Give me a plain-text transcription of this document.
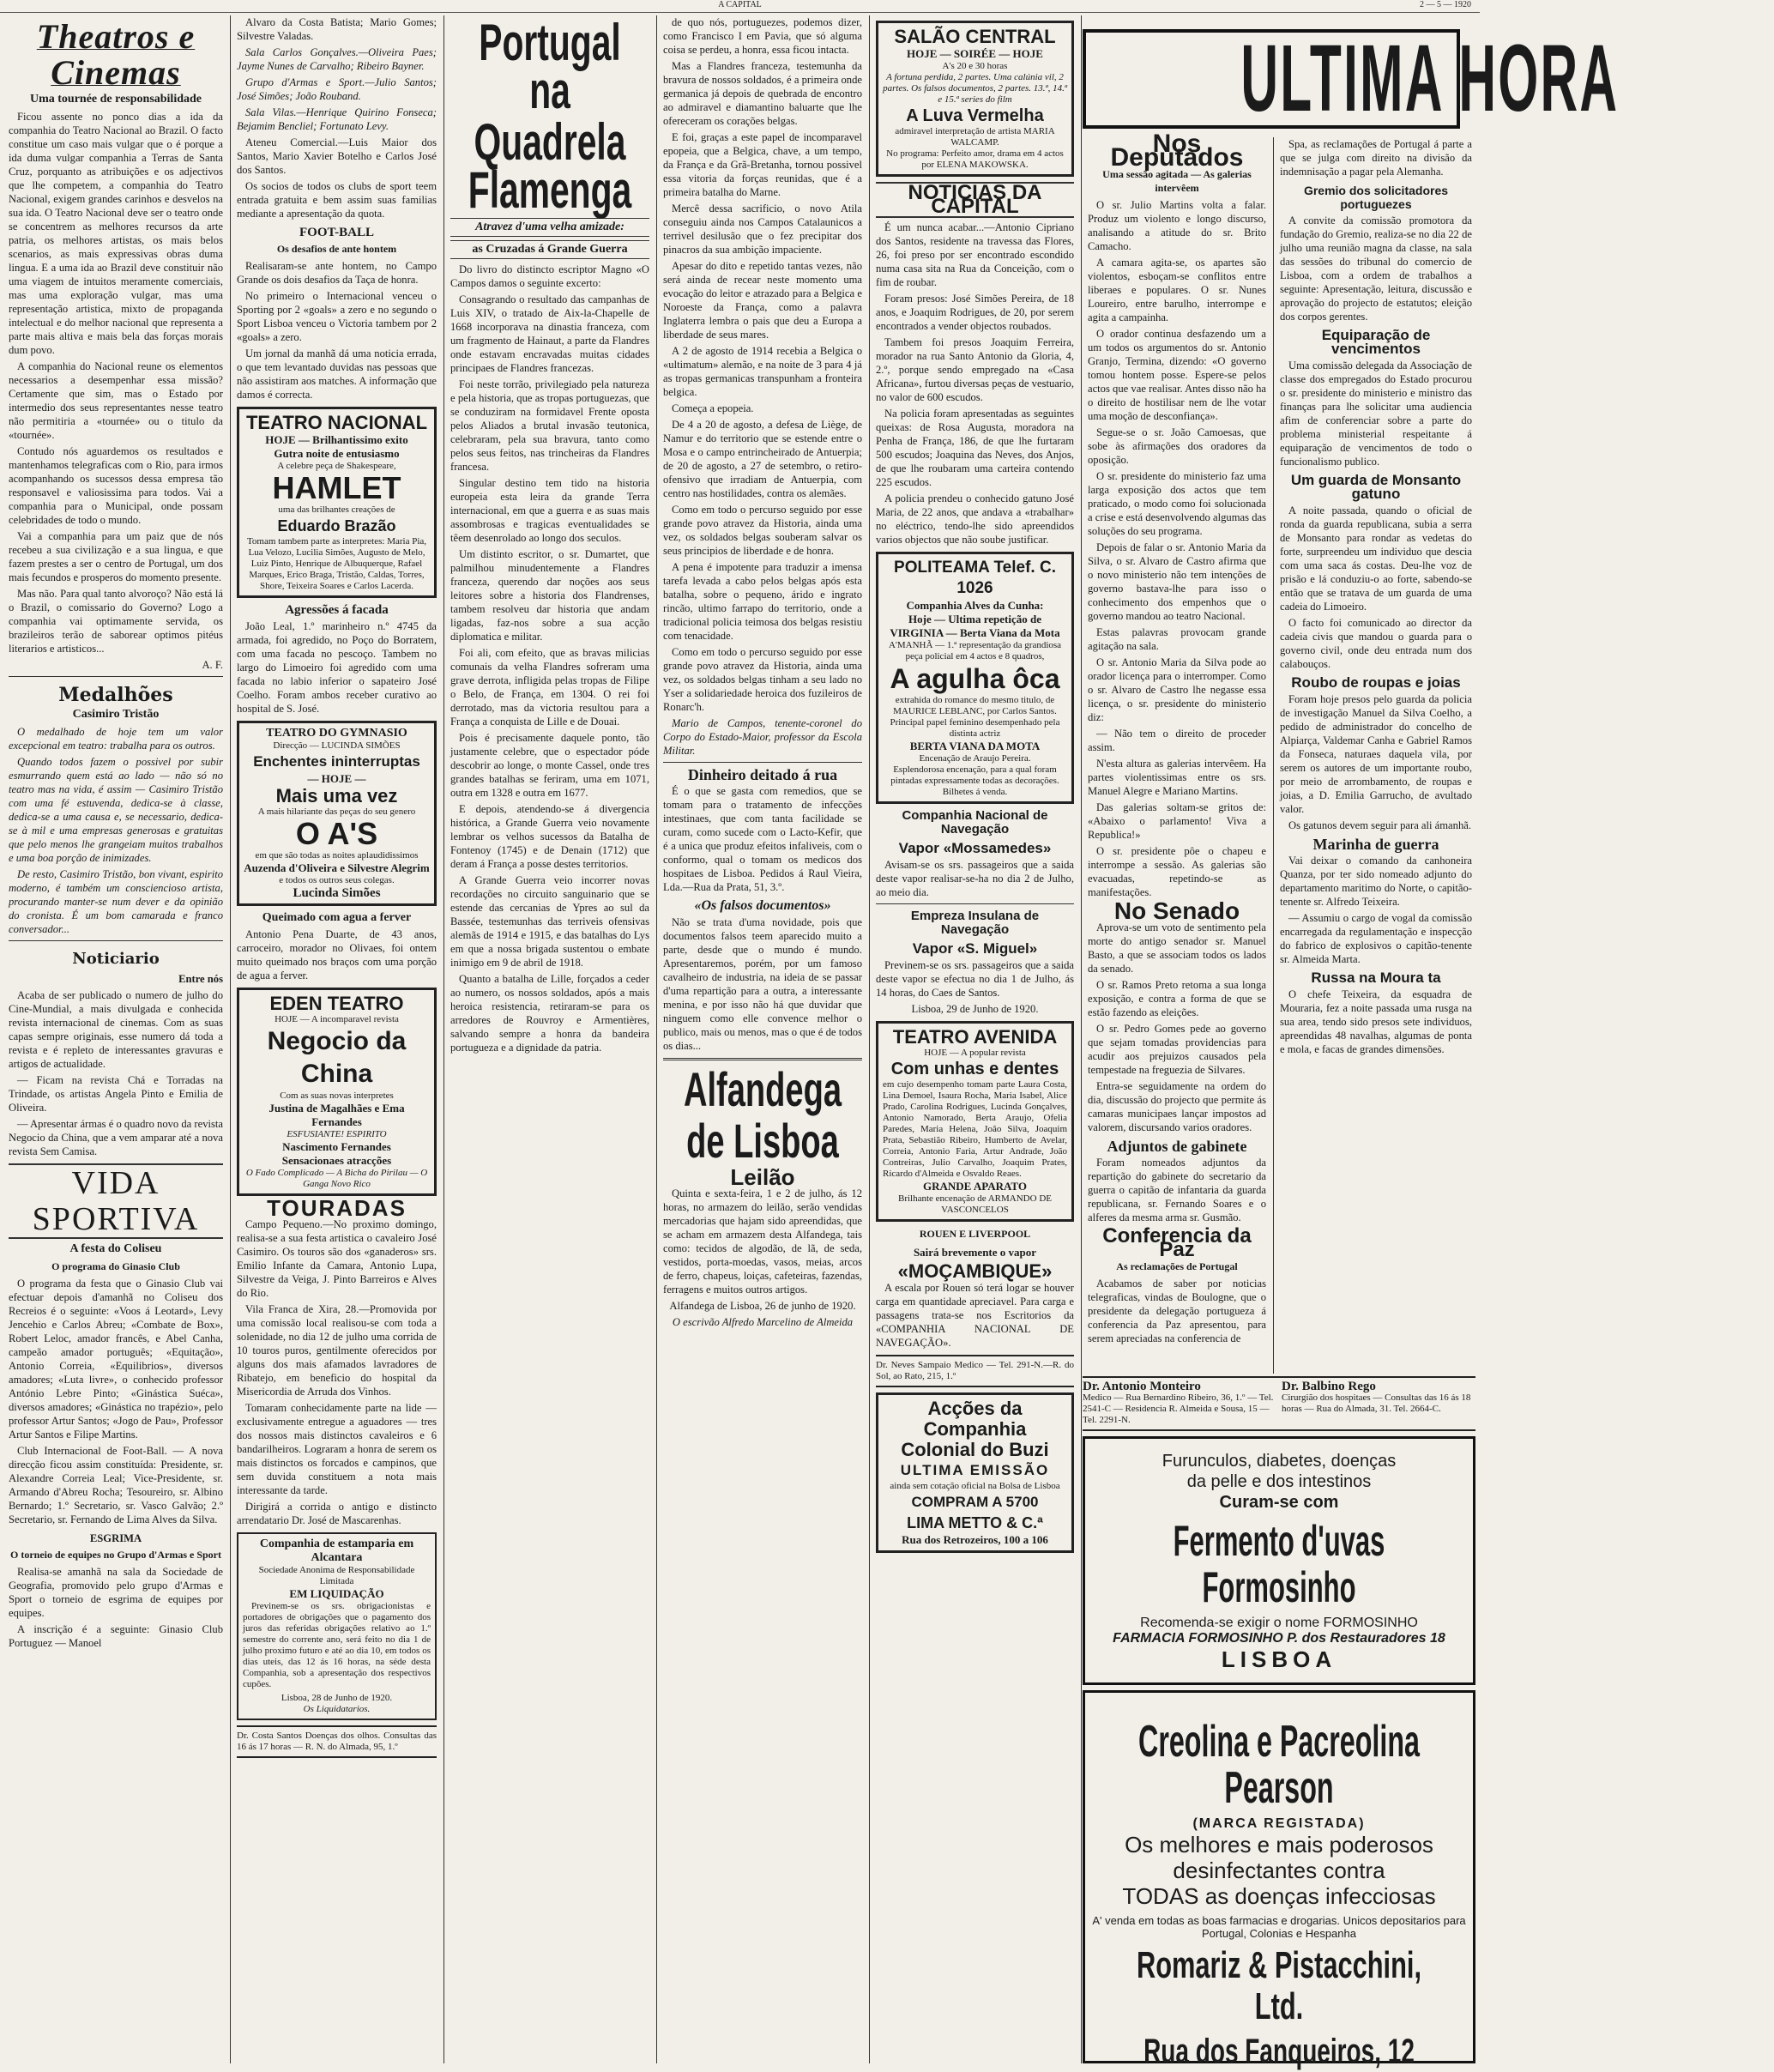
A CAPITAL	2 — 5 — 1920
Theatros e Cinemas
Uma tournée de responsabilidade

Ficou assente no ponco dias a ida da companhia do Teatro Nacional ao Brazil. O facto constitue um caso mais vulgar que o é porque a ida duma vulgar companhia a Terras de Santa Cruz, porquanto as atribuições e os adjectivos que lhe competem, a companhia do Teatro Nacional, exigem grandes carinhos e desvelos na sua ida. O Teatro Nacional deve ser o teatro onde se concentrem as melhores recursos da arte patria, os melhores artistas, os mais belos scenarios, as mais expressivas obras duma lingua. E a uma ida ao Brazil deve constituir não uma viagem de intuitos meramente comerciais, mas uma exploração vulgar, mas uma representação artistica, mixto de propaganda intelectual e do melhor nacional que representa a parte mais altiva e mais bela das forças morais dum povo.

A companhia do Nacional reune os elementos necessarios a desempenhar essa missão? Certamente que sim, mas o Estado por intermedio dos seus representantes nesse teatro não permitiria a «tournée» ou o titulo da «tournée».

Contudo nós aguardemos os resultados e mantenhamos telegraficas com o Rio, para irmos acompanhando os sucessos dessa empresa tão responsavel e valiosissima para todos. Vai a companhia para o Municipal, onde possam celebridades de todo o mundo.

Vai a companhia para um paiz que de nós recebeu a sua civilização e a sua lingua, e que fazem prestes a ser o centro de Portugal, um dos mais fecundos e prosperos do momento presente.

Mas não. Para qual tanto alvoroço? Não está lá o Brazil, o comissario do Governo? Logo a companhia vai optimamente servida, os brazileiros terão de saborear optimos pitéus literarios e artisticos...

A. F.

Medalhões
Casimiro Tristão

O medalhado de hoje tem um valor excepcional em teatro: trabalha para os outros.

Quando todos fazem o possivel por subir esmurrando quem está ao lado — não só no teatro mas na vida, é assim — Casimiro Tristão com uma fé estuvenda, dedica-se à classe, dedica-se a uma causa e, se necessario, dedica-se à mil e uma empresas generosas e gratuitas que pelo menos lhe grangeiam muitos trabalhos e uma boa porção de inimizades.

De resto, Casimiro Tristão, bon vivant, espirito moderno, é também um consciencioso artista, procurando manter-se num dever e da opinião do cronista. É um bom camarada e franco conversador...

Noticiario

Entre nós

Acaba de ser publicado o numero de julho do Cine-Mundial, a mais divulgada e conhecida revista internacional de cinemas. Com as suas capas sempre originais, esse numero dá toda a revista e é repleto de interessantes gravuras e artigos de actualidade.

— Ficam na revista Chá e Torradas na Trindade, os artistas Angela Pinto e Emilia de Oliveira.

— Apresentar ármas é o quadro novo da revista Negocio da China, que a vem amparar até a nova revista Sem Camisa.

VIDA SPORTIVA
A festa do Coliseu
O programa do Ginasio Club

O programa da festa que o Ginasio Club vai efectuar depois d'amanhã no Coliseu dos Recreios é o seguinte: «Voos á Leotard», Levy Jencehio e Carlos Abreu; «Combate de Box», Robert Leloc, amador francês, e Abel Canha, campeão amador português; «Equitação», Antonio Correia, «Equilibrios», diversos amadores; «Luta livre», o conhecido professor António Lebre Pinto; «Ginástica Suéca», diversos amadores; «Ginástica no trapézio», pelo professor Artur Santos; «Jogo de Pau», Professor Artur Santos e Filipe Martins.

Club Internacional de Foot-Ball. — A nova direcção ficou assim constituída: Presidente, sr. Alexandre Correia Leal; Vice-Presidente, sr. Armando d'Abreu Rocha; Tesoureiro, sr. Albino Bernardo; 1.º Secretario, sr. Vasco Galvão; 2.º Secretario, sr. Fernando de Lima Alves da Silva.

ESGRIMA
O torneio de equipes no Grupo d'Armas e Sport

Realisa-se amanhã na sala da Sociedade de Geografia, promovido pelo grupo d'Armas e Sport o torneio de esgrima de equipes por equipes.

A inscrição é a seguinte: Ginasio Club Portuguez — Manoel

Alvaro da Costa Batista; Mario Gomes; Silvestre Valadas.

Sala Carlos Gonçalves.—Oliveira Paes; Jayme Nunes de Carvalho; Ribeiro Bayner.

Grupo d'Armas e Sport.—Julio Santos; José Simões; João Rouband.

Sala Vilas.—Henrique Quirino Fonseca; Bejamim Bencliel; Fortunato Levy.

Ateneu Comercial.—Luis Maior dos Santos, Mario Xavier Botelho e Carlos José dos Santos.

Os socios de todos os clubs de sport teem entrada gratuita e bem assim suas familias mediante a apresentação da quota.

FOOT-BALL
Os desafios de ante hontem

Realisaram-se ante hontem, no Campo Grande os dois desafios da Taça de honra.

No primeiro o Internacional venceu o Sporting por 2 «goals» a zero e no segundo o Sport Lisboa venceu o Victoria tambem por 2 «goals» a zero.

Um jornal da manhã dá uma noticia errada, o que tem levantado duvidas nas pessoas que não assistiram aos matches. A informação que damos é correcta.

TEATRO NACIONAL
HOJE — Brilhantissimo exito
Gutra noite de entusiasmo
A celebre peça de Shakespeare,
HAMLET
uma das brilhantes creações de
Eduardo Brazão
Tomam tambem parte as interpretes: Maria Pia, Lua Velozo, Lucilia Simões, Augusto de Melo, Luiz Pinto, Henrique de Albuquerque, Rafael Marques, Erico Braga, Tristão, Caldas, Torres, Shore, Teixeira Soares e Carlos Lacerda.
Agressões á facada

João Leal, 1.º marinheiro n.º 4745 da armada, foi agredido, no Poço do Borratem, com uma facada no pescoço. Tambem no largo do Limoeiro foi agredido com uma facada no labio inferior o sapateiro José Coelho. Foram ambos receber curativo ao hospital de S. José.

TEATRO DO GYMNASIO
Direcção — LUCINDA SIMÕES
Enchentes ininterruptas
— HOJE —
Mais uma vez
A mais hilariante das peças do seu genero
O A'S
em que são todas as noites aplaudidissimos
Auzenda d'Oliveira e Silvestre Alegrim
e todos os outros seus colegas.
Lucinda Simões
Queimado com agua a ferver

Antonio Pena Duarte, de 43 anos, carroceiro, morador no Olivaes, foi ontem muito queimado nos braços com uma porção de agua a ferver.

EDEN TEATRO
HOJE — A incomparavel revista
Negocio da China
Com as suas novas interpretes
Justina de Magalhães e Ema Fernandes
ESFUSIANTE! ESPIRITO
Nascimento Fernandes
Sensacionaes atracções
O Fado Complicado — A Bicha do Pirilau — O Ganga Novo Rico
TOURADAS

Campo Pequeno.—No proximo domingo, realisa-se a sua festa artistica o cavaleiro José Casimiro. Os touros são dos «ganaderos» srs. Emilio Infante da Camara, Antonio Lupa, Silvestre da Veiga, J. Pinto Barreiros e Alves do Rio.

Vila Franca de Xira, 28.—Promovida por uma comissão local realisou-se com toda a solenidade, no dia 12 de julho uma corrida de 10 touros puros, gentilmente oferecidos por alguns dos mais afamados lavradores de Ribatejo, em beneficio do hospital da Misericordia de Arruda dos Vinhos.

Tomaram conhecidamente parte na lide — exclusivamente entregue a aguadores — tres dos nossos mais distinctos cavaleiros e 6 bandarilheiros. Lograram a honra de serem os mais distinctos os forcados e campinos, que sem duvida constituem a nota mais interessante da tarde.

Dirigirá a corrida o antigo e distincto arrendatario Dr. José de Mascarenhas.

Companhia de estamparia em Alcantara
Sociedade Anonima de Responsabilidade Limitada
EM LIQUIDAÇÃO

Previnem-se os srs. obrigacionistas e portadores de obrigações que o pagamento dos juros das referidas obrigações relativo ao 1.º semestre do corrente ano, será feito no dia 1 de julho proximo futuro e até ao dia 10, em todos os dias uteis, das 12 ás 16 horas, na séde desta Companhia, sob a apresentação dos respectivos cupões.

Lisboa, 28 de Junho de 1920.
Os Liquidatarios.
Dr. Costa Santos Doenças dos olhos. Consultas das 16 ás 17 horas — R. N. do Almada, 95, 1.º
Portugal na
Quadrela Flamenga
Atravez d'uma velha amizade:
as Cruzadas á Grande Guerra

Do livro do distincto escriptor Magno «O Campos damos o seguinte excerto:

Consagrando o resultado das campanhas de Luis XIV, o tratado de Aix-la-Chapelle de 1668 incorporava na dinastia franceza, com um fragmento de Hainaut, a parte da Flandres onde estavam encravadas muitas cidades principaes de Flandres francezas.

Foi neste torrão, privilegiado pela natureza e pela historia, que as tropas portuguezas, que se conduziram na formidavel Frente oposta pelos Aliados a brutal invasão teutonica, celebraram, pela sua bravura, tanto como pelos seus feitos, nas trincheiras da Flandres francesa.

Singular destino tem tido na historia europeia esta leira da grande Terra internacional, em que a guerra e as suas mais assombrosas e tragicas eventualidades se têem desenrolado ao longo dos seculos.

Um distinto escritor, o sr. Dumartet, que palmilhou minudentemente a Flandres franceza, querendo dar noções aos seus leitores sobre a historia dos Flandrenses, tambem resolveu dar historia que andam ligadas, faz-nos sobre a sua acção diplomatica e militar.

Foi ali, com efeito, que as bravas milicias comunais da velha Flandres sofreram uma grave derrota, infligida pelas tropas de Filipe o Belo, de França, em 1304. O rei foi derrotado, mas da victoria resultou para a França a conquista de Lille e de Douai.

Pois é precisamente daquele ponto, tão justamente celebre, que o espectador póde descobrir ao longe, o monte Cassel, onde tres grandes batalhas se feriram, uma em 1071, outra em 1328 e outra em 1677.

E depois, atendendo-se á divergencia histórica, a Grande Guerra veio novamente lembrar os velhos sucessos da Batalha de Fontenoy (1745) e de Denain (1712) que deram á França a posse destes territorios.

A Grande Guerra veio incorrer novas recordações no circuito sanguinario que se estende das cercanias de Ypres ao sul da Bassée, testemunhas das terriveis ofensivas alemãs de 1914 e 1915, e das batalhas do Lys em que a nossa brigada sustentou o embate inimigo em 9 de abril de 1918.

Quanto a batalha de Lille, forçados a ceder ao numero, os nossos soldados, após a mais heroica resistencia, retiraram-se para os arredores de Rouvroy e Armentières, salvando sempre a honra da bandeira portugueza e a dignidade da patria.

de quo nós, portuguezes, podemos dizer, como Francisco I em Pavia, que só alguma coisa se perdeu, a honra, essa ficou intacta.

Mas a Flandres franceza, testemunha da bravura de nossos soldados, é a primeira onde germanica já depois de quebrada de encontro ao admiravel e diamantino baluarte que lhe ofereceram os corações belgas.

E foi, graças a este papel de incomparavel epopeia, que a Belgica, chave, a um tempo, da França e da Grã-Bretanha, tornou possivel essa vitoria da forças reunidas, que é a primeira batalha do Marne.

Mercê dessa sacrificio, o novo Atila conseguiu ainda nos Campos Catalaunicos a terrivel desilusão que o fez precipitar dos pinacros da sua ambição impaciente.

Apesar do dito e repetido tantas vezes, não será ainda de recear neste momento uma evocação do leitor e atrazado para a Belgica e Noroeste da França, como a palavra Inglaterra lembra o pais que deu a Europa a liberdade de seus mares.

A 2 de agosto de 1914 recebia a Belgica o «ultimatum» alemão, e na noite de 3 para 4 já as tropas germanicas transpunham a fronteira belgica.

Começa a epopeia.

De 4 a 20 de agosto, a defesa de Liège, de Namur e do territorio que se estende entre o Mosa e o campo entrincheirado de Antuerpia; de 20 de agosto, a 27 de setembro, o retiro-ofensivo que irradiam de Antuerpia, com centro nas hostilidades, contra os alemães.

Como em todo o percurso seguido por esse grande povo atravez da Historia, ainda uma vez, os soldados belgas souberam salvar os seus principios de liberdade e de honra.

A pena é impotente para traduzir a imensa tarefa levada a cabo pelos belgas após esta batalha, sobre o pequeno, árido e ingrato rincão, ultimo farrapo do territorio, onde a tradicional policia teimosa dos belgas resistiu com tenacidade.

Como em todo o percurso seguido por esse grande povo atravez da Historia, ainda uma vez, os soldados belgas tinham a seu lado no Yser a solidariedade heroica dos fuzileiros de Ronarc'h.

Mario de Campos, tenente-coronel do Corpo do Estado-Maior, professor da Escola Militar.

Dinheiro deitado á rua

É o que se gasta com remedios, que se tomam para o tratamento de infecções intestinaes, que com tanta facilidade se curam, como sucede com o Lacto-Kefir, que é a unica que produz efeitos infaliveis, com o conformo, qual o tomam os medicos dos hospitaes de Lisboa. Pedidos á Raul Vieira, Lda.—Rua da Prata, 51, 3.º.

«Os falsos documentos»

Não se trata d'uma novidade, pois que documentos falsos teem aparecido muito a parte, desde que o mundo é mundo. Apresentaremos, porém, por um famoso cavalheiro de industria, na ideia de se passar d'uma repartição para a outra, a interessante menina, e por isso não há que duvidar que ninguem como elle convence melhor o publico, mais ou menos, mas o que é de todos os dias...

Alfandega
de Lisboa
Leilão

Quinta e sexta-feira, 1 e 2 de julho, ás 12 horas, no armazem do leilão, serão vendidas mercadorias que hajam sido apreendidas, que se acham em armazem desta Alfandega, tais como: tecidos de algodão, de lã, de seda, vestidos, porta-moedas, vasos, meias, arcos de ferro, chapeus, loiças, cafeteiras, fazendas, ferragens e muitos outros artigos.

Alfandega de Lisboa, 26 de junho de 1920.

O escrivão Alfredo Marcelino de Almeida

SALÃO CENTRAL
HOJE — SOIRÉE — HOJE
A's 20 e 30 horas
A fortuna perdida, 2 partes. Uma calúnia vil, 2 partes. Os falsos documentos, 2 partes. 13.ª, 14.ª e 15.ª series do film
A Luva Vermelha
admiravel interpretação de artista MARIA WALCAMP.
No programa: Perfeito amor, drama em 4 actos por ELENA MAKOWSKA.
NOTICIAS DA CAPITAL

É um nunca acabar...—Antonio Cipriano dos Santos, residente na travessa das Flores, 26, foi preso por ser encontrado escondido numa casa sita na Rua da Conceição, com o fim de roubar.

Foram presos: José Simões Pereira, de 18 anos, e Joaquim Rodrigues, de 20, por serem encontrados a vender objectos roubados.

Tambem foi presos Joaquim Ferreira, morador na rua Santo Antonio da Gloria, 4, 2.º, porque sendo empregado na «Casa Africana», furtou diversas peças de vestuario, no valor de 600 escudos.

Na policia foram apresentadas as seguintes queixas: de Rosa Augusta, moradora na Penha de França, 186, de que lhe furtaram 500 escudos; Joaquina das Neves, dos Anjos, de que lhe roubaram uma carteira contendo 225 escudos.

A policia prendeu o conhecido gatuno José Maria, de 22 anos, que andava a «trabalhar» no eléctrico, tendo-lhe sido apreendidos varios objectos que não soube justificar.

POLITEAMA Telef. C. 1026
Companhia Alves da Cunha:
Hoje — Ultima repetição de VIRGINIA — Berta Viana da Mota
A'MANHÃ — 1.ª representação da grandiosa peça policial em 4 actos e 8 quadros,
A agulha ôca
extrahida do romance do mesmo titulo, de MAURICE LEBLANC, por Carlos Santos.
Principal papel feminino desempenhado pela distinta actriz
BERTA VIANA DA MOTA
Encenação de Araujo Pereira.
Esplendorosa encenação, para a qual foram pintadas expressamente todas as decorações.
Bilhetes á venda.
Companhia Nacional de Navegação
Vapor «Mossamedes»

Avisam-se os srs. passageiros que a saida deste vapor realisar-se-ha no dia 2 de Julho, ao meio dia.

Empreza Insulana de Navegação
Vapor «S. Miguel»

Previnem-se os srs. passageiros que a saida deste vapor se efectua no dia 1 de Julho, ás 14 horas, do Caes de Santos.

Lisboa, 29 de Junho de 1920.

TEATRO AVENIDA
HOJE — A popular revista
Com unhas e dentes
em cujo desempenho tomam parte Laura Costa, Lina Demoel, Isaura Rocha, Maria Isabel, Alice Prado, Carolina Rodrigues, Lucinda Gonçalves, Antonio Namorado, Berta Araujo, Ofelia Paredes, Maria Helena, João Silva, Joaquim Prata, Sebastião Ribeiro, Humberto de Avelar, Correia, Antonio Faria, Artur Andrade, João Contreiras, Julio Carvalho, Joaquim Prates, Ricardo d'Almeida e Osvaldo Reaes.
GRANDE APARATO
Brilhante encenação de ARMANDO DE VASCONCELOS
ROUEN E LIVERPOOL
Sairá brevemente o vapor
«MOÇAMBIQUE»

A escala por Rouen só terá logar se houver carga em quantidade apreciavel. Para carga e passagens trata-se nos Escritorios da «COMPANHIA NACIONAL DE NAVEGAÇÃO».

Dr. Neves Sampaio Medico — Tel. 291-N.—R. do Sol, ao Rato, 215, 1.º
Acções da Companhia
Colonial do Buzi
ULTIMA EMISSÃO
ainda sem cotação oficial na Bolsa de Lisboa
COMPRAM A 5700
LIMA METTO & C.ª
Rua dos Retrozeiros, 100 a 106
ULTIMA HORA
Nos Deputados
Uma sessão agitada — As galerias intervêem

O sr. Julio Martins volta a falar. Produz um violento e longo discurso, analisando a atitude do sr. Brito Camacho.

A camara agita-se, os apartes são violentos, esboçam-se conflitos entre liberaes e populares. O sr. Nunes Loureiro, entre barulho, interrompe e agita a campainha.

O orador continua desfazendo um a um todos os argumentos do sr. Antonio Granjo, Termina, dizendo: «O governo tomou hontem posse. Espere-se pelos actos que vae realisar. Antes disso não ha o direito de hostilisar nem de lhe votar uma moção de desconfiança».

Segue-se o sr. João Camoesas, que sobe às afirmações dos oradores da oposição.

O sr. presidente do ministerio faz uma larga exposição dos actos que tem praticado, o modo como foi solucionada a crise e está desenvolvendo algumas das soluções do seu programa.

Depois de falar o sr. Antonio Maria da Silva, o sr. Alvaro de Castro afirma que o novo ministerio não tem intenções de governo bastava-lhe para isso o conhecimento dos empenhos que o governo mandou ao teatro Nacional.

Estas palavras provocam grande agitação na sala.

O sr. Antonio Maria da Silva pode ao orador licença para o interromper. Como o sr. Alvaro de Castro lhe negasse essa licença, o sr. presidente do ministerio diz:

— Não tem o direito de proceder assim.

N'esta altura as galerias intervêem. Ha partes violentissimas entre os srs. Manuel Alegre e Mariano Martins.

Das galerias soltam-se gritos de: «Abaixo o parlamento! Viva a Republica!»

O sr. presidente pôe o chapeu e interrompe a sessão. As galerias são evacuadas, repetindo-se as manifestações.

No Senado

Aprova-se um voto de sentimento pela morte do antigo senador sr. Manuel Basto, a que se associam todos os lados da senado.

O sr. Ramos Preto retoma a sua longa exposição, e contra a forma de que se estão fazendo as eleições.

O sr. Pedro Gomes pede ao governo que sejam tomadas providencias para acudir aos prejuizos causados pela tempestade na freguezia de Silvares.

Entra-se seguidamente na ordem do dia, discussão do projecto que permite ás camaras municipaes lançar impostos ad valorem, discursando varios oradores.

Adjuntos de gabinete

Foram nomeados adjuntos da repartição do gabinete do secretario da guerra o capitão de infantaria da guarda republicana, sr. Fernando Soares e o alferes da mesma arma sr. Gusmão.

Conferencia da Paz
As reclamações de Portugal

Acabamos de saber por noticias telegraficas, vindas de Boulogne, que o presidente da delegação portugueza á conferencia da Paz apresentou, para serem apreciadas na conferencia de

Spa, as reclamações de Portugal á parte a que se julga com direito na divisão da indemnisação a pagar pela Alemanha.

Gremio dos solicitadores portuguezes

A convite da comissão promotora da fundação do Gremio, realiza-se no dia 22 de julho uma reunião magna da classe, na sala das sessões do tribunal do comercio de Lisboa, com a ordem de trabalhos a seguinte: Apresentação, leitura, discussão e aprovação do projecto de estatutos; eleição dos corpos gerentes.

Equiparação de vencimentos

Uma comissão delegada da Associação de classe dos empregados do Estado procurou o sr. presidente do ministerio e ministro das finanças para lhe solicitar uma audiencia afim de conferenciar sobre a parte do problema ministerial respeitante á equiparação de vencimentos de todo o funcionalismo publico.

Um guarda de Monsanto gatuno

A noite passada, quando o oficial de ronda da guarda republicana, subia a serra de Monsanto para rondar as vedetas do forte, surpreendeu um individuo que descia com uma saca ás costas. Deu-lhe voz de prisão e lá conduziu-o ao forte, sabendo-se então que se tratava de um guarda de uma cadeia do Limoeiro.

O facto foi comunicado ao director da cadeia civis que mandou o guarda para o governo civil, onde deu entrada num dos calabouços.

Roubo de roupas e joias

Foram hoje presos pelo guarda da policia de investigação Manuel da Silva Coelho, a pedido de administrador do concelho de Alpiarça, Valdemar Canha e Gabriel Ramos da Fonseca, naturaes daquela vila, por serem os autores de um importante roubo, por meio de arrombamento, de roupas e joias, a D. Emilia Garrucho, de avultado valor.

Os gatunos devem seguir para ali ámanhã.

Marinha de guerra

Vai deixar o comando da canhoneira Quanza, por ter sido nomeado adjunto do departamento maritimo do Norte, o capitão-tenente sr. Alfredo Teixeira.

— Assumiu o cargo de vogal da comissão encarregada da regulamentação e inspecção do fabrico de explosivos o capitão-tenente sr. Almeida Marta.

Russa na Moura ta

O chefe Teixeira, da esquadra de Mouraria, fez a noite passada uma rusga na sua area, tendo sido presos sete individuos, apreendidas 48 navalhas, algumas de ponta e mola, e facas de grandes dimensões.

Dr. Antonio Monteiro
Medico — Rua Bernardino Ribeiro, 36, 1.º — Tel. 2541-C — Residencia R. Almeida e Sousa, 15 — Tel. 2291-N.
Dr. Balbino Rego
Cirurgião dos hospitaes — Consultas das 16 ás 18 horas — Rua do Almada, 31. Tel. 2664-C.
Furunculos, diabetes, doenças
da pelle e dos intestinos
Curam-se com
Fermento d'uvas Formosinho
Recomenda-se exigir o nome FORMOSINHO
FARMACIA FORMOSINHO P. dos Restauradores 18
LISBOA
Creolina e Pacreolina Pearson
(MARCA REGISTADA)
Os melhores e mais poderosos
desinfectantes contra
TODAS as doenças infecciosas
A' venda em todas as boas farmacias e drogarias. Unicos depositarios para Portugal, Colonias e Hespanha
Romariz & Pistacchini, Ltd.
Rua dos Fanqueiros, 12
